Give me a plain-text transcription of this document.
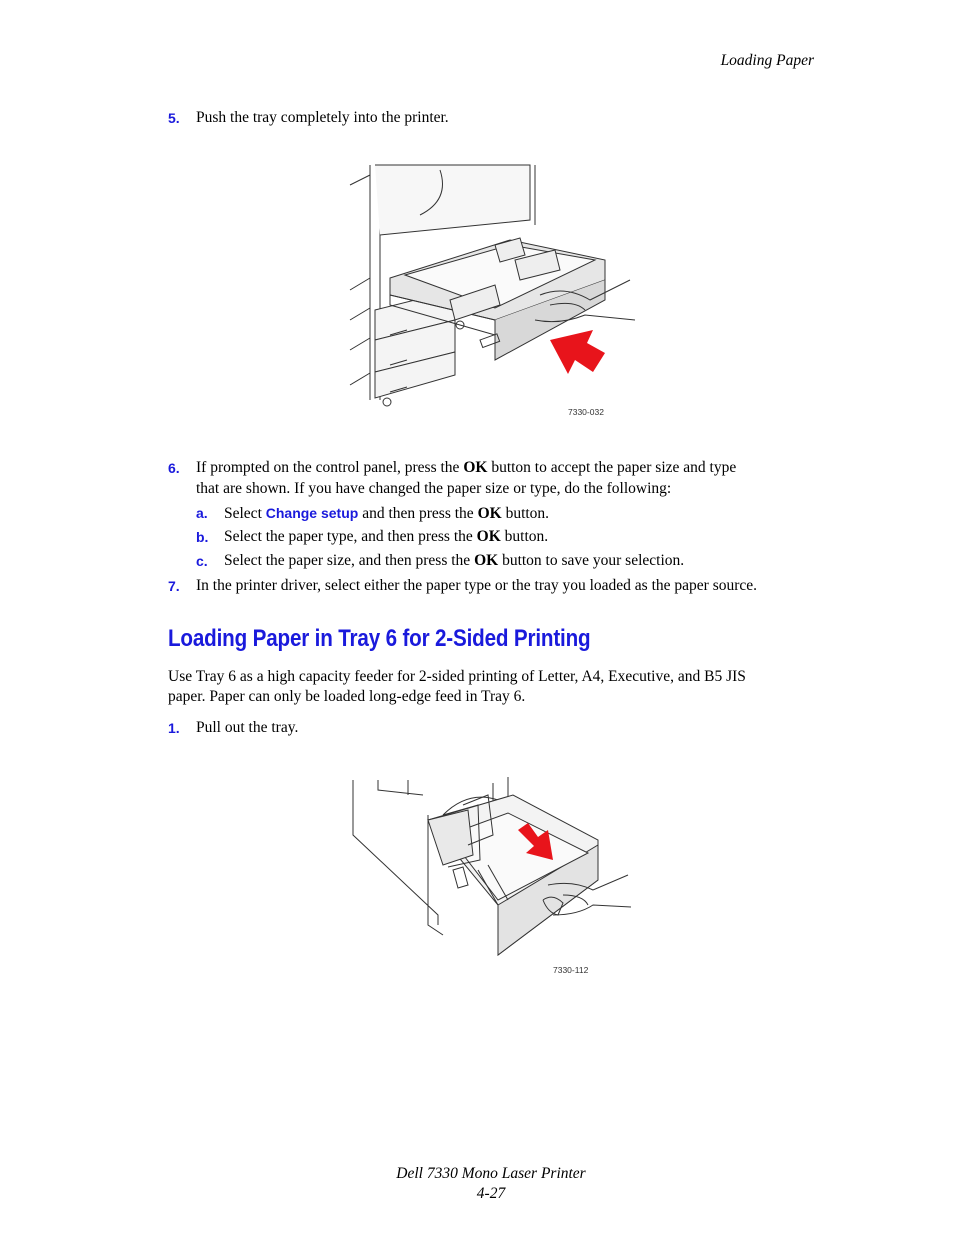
Loading Paper
5. Push the tray completely into the printer.
7330-032
6. If prompted on the control panel, press the OK button to accept the paper size and type
that are shown. If you have changed the paper size or type, do the following:
a. Select Change setup and then press the OK button.
b. Select the paper type, and then press the OK button.
c. Select the paper size, and then press the OK button to save your selection.
7. In the printer driver, select either the paper type or the tray you loaded as the paper source.
Loading Paper in Tray 6 for 2-Sided Printing
Use Tray 6 as a high capacity feeder for 2-sided printing of Letter, A4, Executive, and B5 JIS
paper. Paper can only be loaded long-edge feed in Tray 6.
1. Pull out the tray.
7330-112
Dell 7330 Mono Laser Printer
4-27
